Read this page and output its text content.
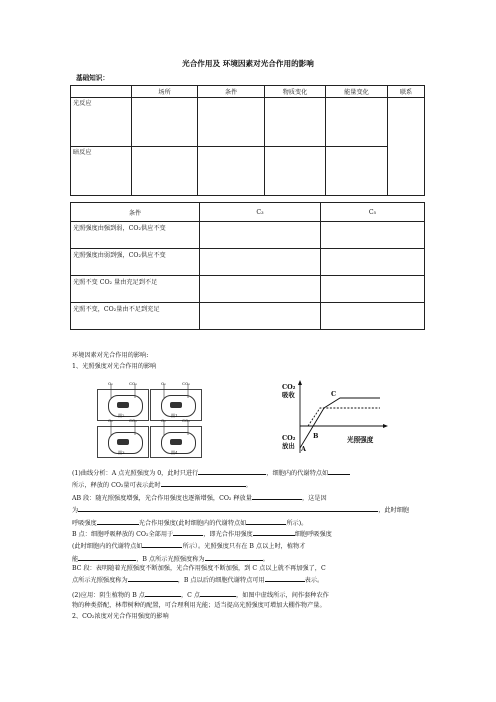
光合作用及 环境因素对光合作用的影响
基础知识：
	场所	条件	物质变化	能量变化	联系
光反应					
暗反应					
条件	C₃	C₅
光照强度由强到弱，CO₂供应不变		
光照强度由弱到强，CO₂供应不变		
光照不变 CO₂ 量由充足到不足		
光照不变，CO₂量由不足到充足		
环境因素对光合作用的影响:
1、光照强度对光合作用的影响
图2	图1
图3	图4
O₂	CO₂	O₂	CO₂
O₂	CO₂	O₂	CO₂
CO₂
吸收
CO₂
放出
光照强度
A
B
C
(1)曲线分析：A 点光照强度为 0，此时只进行	，细胞内的代谢特点如
所示，释放的 CO₂量可表示此时	。
AB 段：随光照强度增强，光合作用强度也逐渐增强，CO₂ 释放量	，这是因
为	，此时细胞
呼吸强度	光合作用强度(此时细胞内的代谢特点如	所示)。
B 点：细胞呼吸释放的 CO₂全部用于	，即光合作用强度	细胞呼吸强度
(此时细胞内的代谢特点如	所示）。光照强度只有在 B 点以上时，植物才
能	，B 点所示光照强度称为	。
BC 段：表明随着光照强度不断加强，光合作用强度不断加强，到 C 点以上就不再加强了，C
点所示光照强度称为	，B 点以后的细胞代谢特点可用	表示。
(2)应用：阴生植物的 B 点	，C 点	，如图中虚线所示，间作套种农作
物的种类搭配，林带树种的配置，可合理利用光能；适当提高光照强度可增加大棚作物产量。
2、CO₂浓度对光合作用强度的影响
